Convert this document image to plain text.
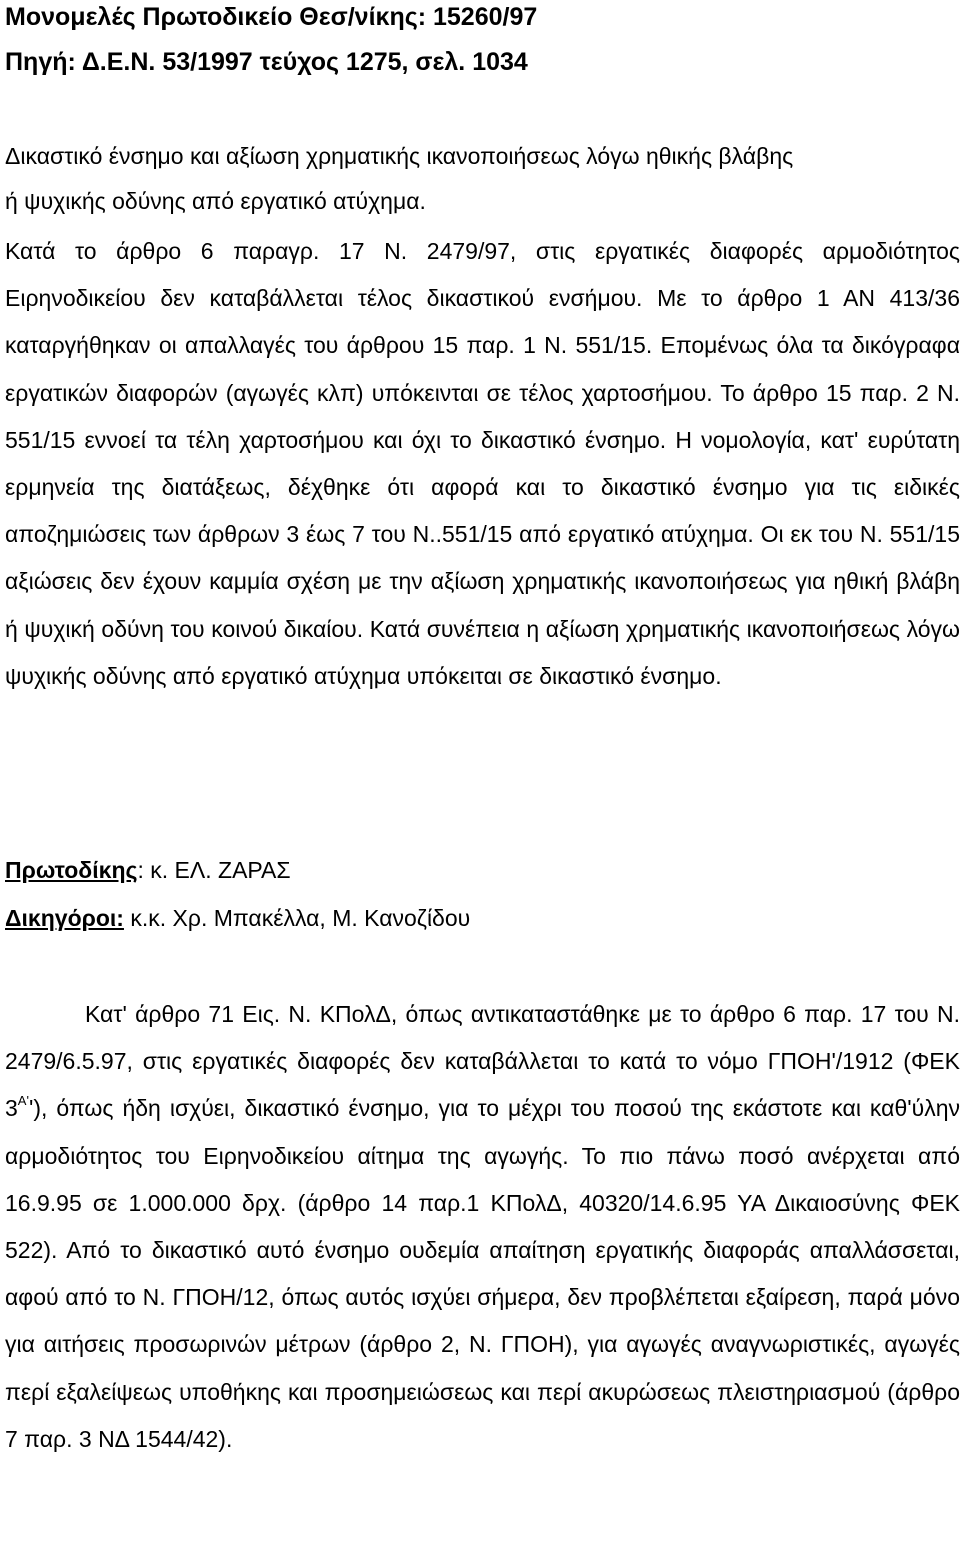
Μονομελές Πρωτοδικείο Θεσ/νίκης: 15260/97

Πηγή: Δ.Ε.Ν. 53/1997 τεύχος 1275, σελ. 1034

Δικαστικό ένσημο και αξίωση χρηματικής ικανοποιήσεως λόγω ηθικής βλάβης

ή ψυχικής οδύνης από εργατικό ατύχημα.

Κατά το άρθρο 6 παραγρ. 17 Ν. 2479/97, στις εργατικές διαφορές αρμοδιότητος Ειρηνοδικείου δεν καταβάλλεται τέλος δικαστικού ενσήμου. Με το άρθρο 1 ΑΝ 413/36 καταργήθηκαν οι απαλλαγές του άρθρου 15 παρ. 1 Ν. 551/15. Επομένως όλα τα δικόγραφα εργατικών διαφορών (αγωγές κλπ) υπόκεινται σε τέλος χαρτοσήμου. Το άρθρο 15 παρ. 2 Ν. 551/15 εννοεί τα τέλη χαρτοσήμου και όχι το δικαστικό ένσημο. Η νομολογία, κατ' ευρύτατη ερμηνεία της διατάξεως, δέχθηκε ότι αφορά και το δικαστικό ένσημο για τις ειδικές αποζημιώσεις των άρθρων 3 έως 7 του Ν..551/15 από εργατικό ατύχημα. Οι εκ του Ν. 551/15 αξιώσεις δεν έχουν καμμία σχέση με την αξίωση χρηματικής ικανοποιήσεως για ηθική βλάβη ή ψυχική οδύνη του κοινού δικαίου. Κατά συνέπεια η αξίωση χρηματικής ικανοποιήσεως λόγω ψυχικής οδύνης από εργατικό ατύχημα υπόκειται σε δικαστικό ένσημο.

Πρωτοδίκης: κ. ΕΛ. ΖΑΡΑΣ

Δικηγόροι: κ.κ. Χρ. Μπακέλλα, Μ. Κανοζίδου

Κατ' άρθρο 71 Εις. Ν. ΚΠολΔ, όπως αντικαταστάθηκε με το άρθρο 6 παρ. 17 του Ν. 2479/6.5.97, στις εργατικές διαφορές δεν καταβάλλεται το κατά το νόμο ΓΠΟΗ'/1912 (ΦΕΚ $3^{A'}'$), όπως ήδη ισχύει, δικαστικό ένσημο, για το μέχρι του ποσού της εκάστοτε και καθ'ύλην αρμοδιότητος του Ειρηνοδικείου αίτημα της αγωγής. Το πιο πάνω ποσό ανέρχεται από 16.9.95 σε 1.000.000 δρχ. (άρθρο 14 παρ.1 ΚΠολΔ, 40320/14.6.95 ΥΑ Δικαιοσύνης ΦΕΚ 522). Από το δικαστικό αυτό ένσημο ουδεμία απαίτηση εργατικής διαφοράς απαλλάσσεται, αφού από το Ν. ΓΠΟΗ/12, όπως αυτός ισχύει σήμερα, δεν προβλέπεται εξαίρεση, παρά μόνο για αιτήσεις προσωρινών μέτρων (άρθρο 2, Ν. ΓΠΟΗ), για αγωγές αναγνωριστικές, αγωγές περί εξαλείψεως υποθήκης και προσημειώσεως και περί ακυρώσεως πλειστηριασμού (άρθρο 7 παρ. 3 ΝΔ 1544/42).
